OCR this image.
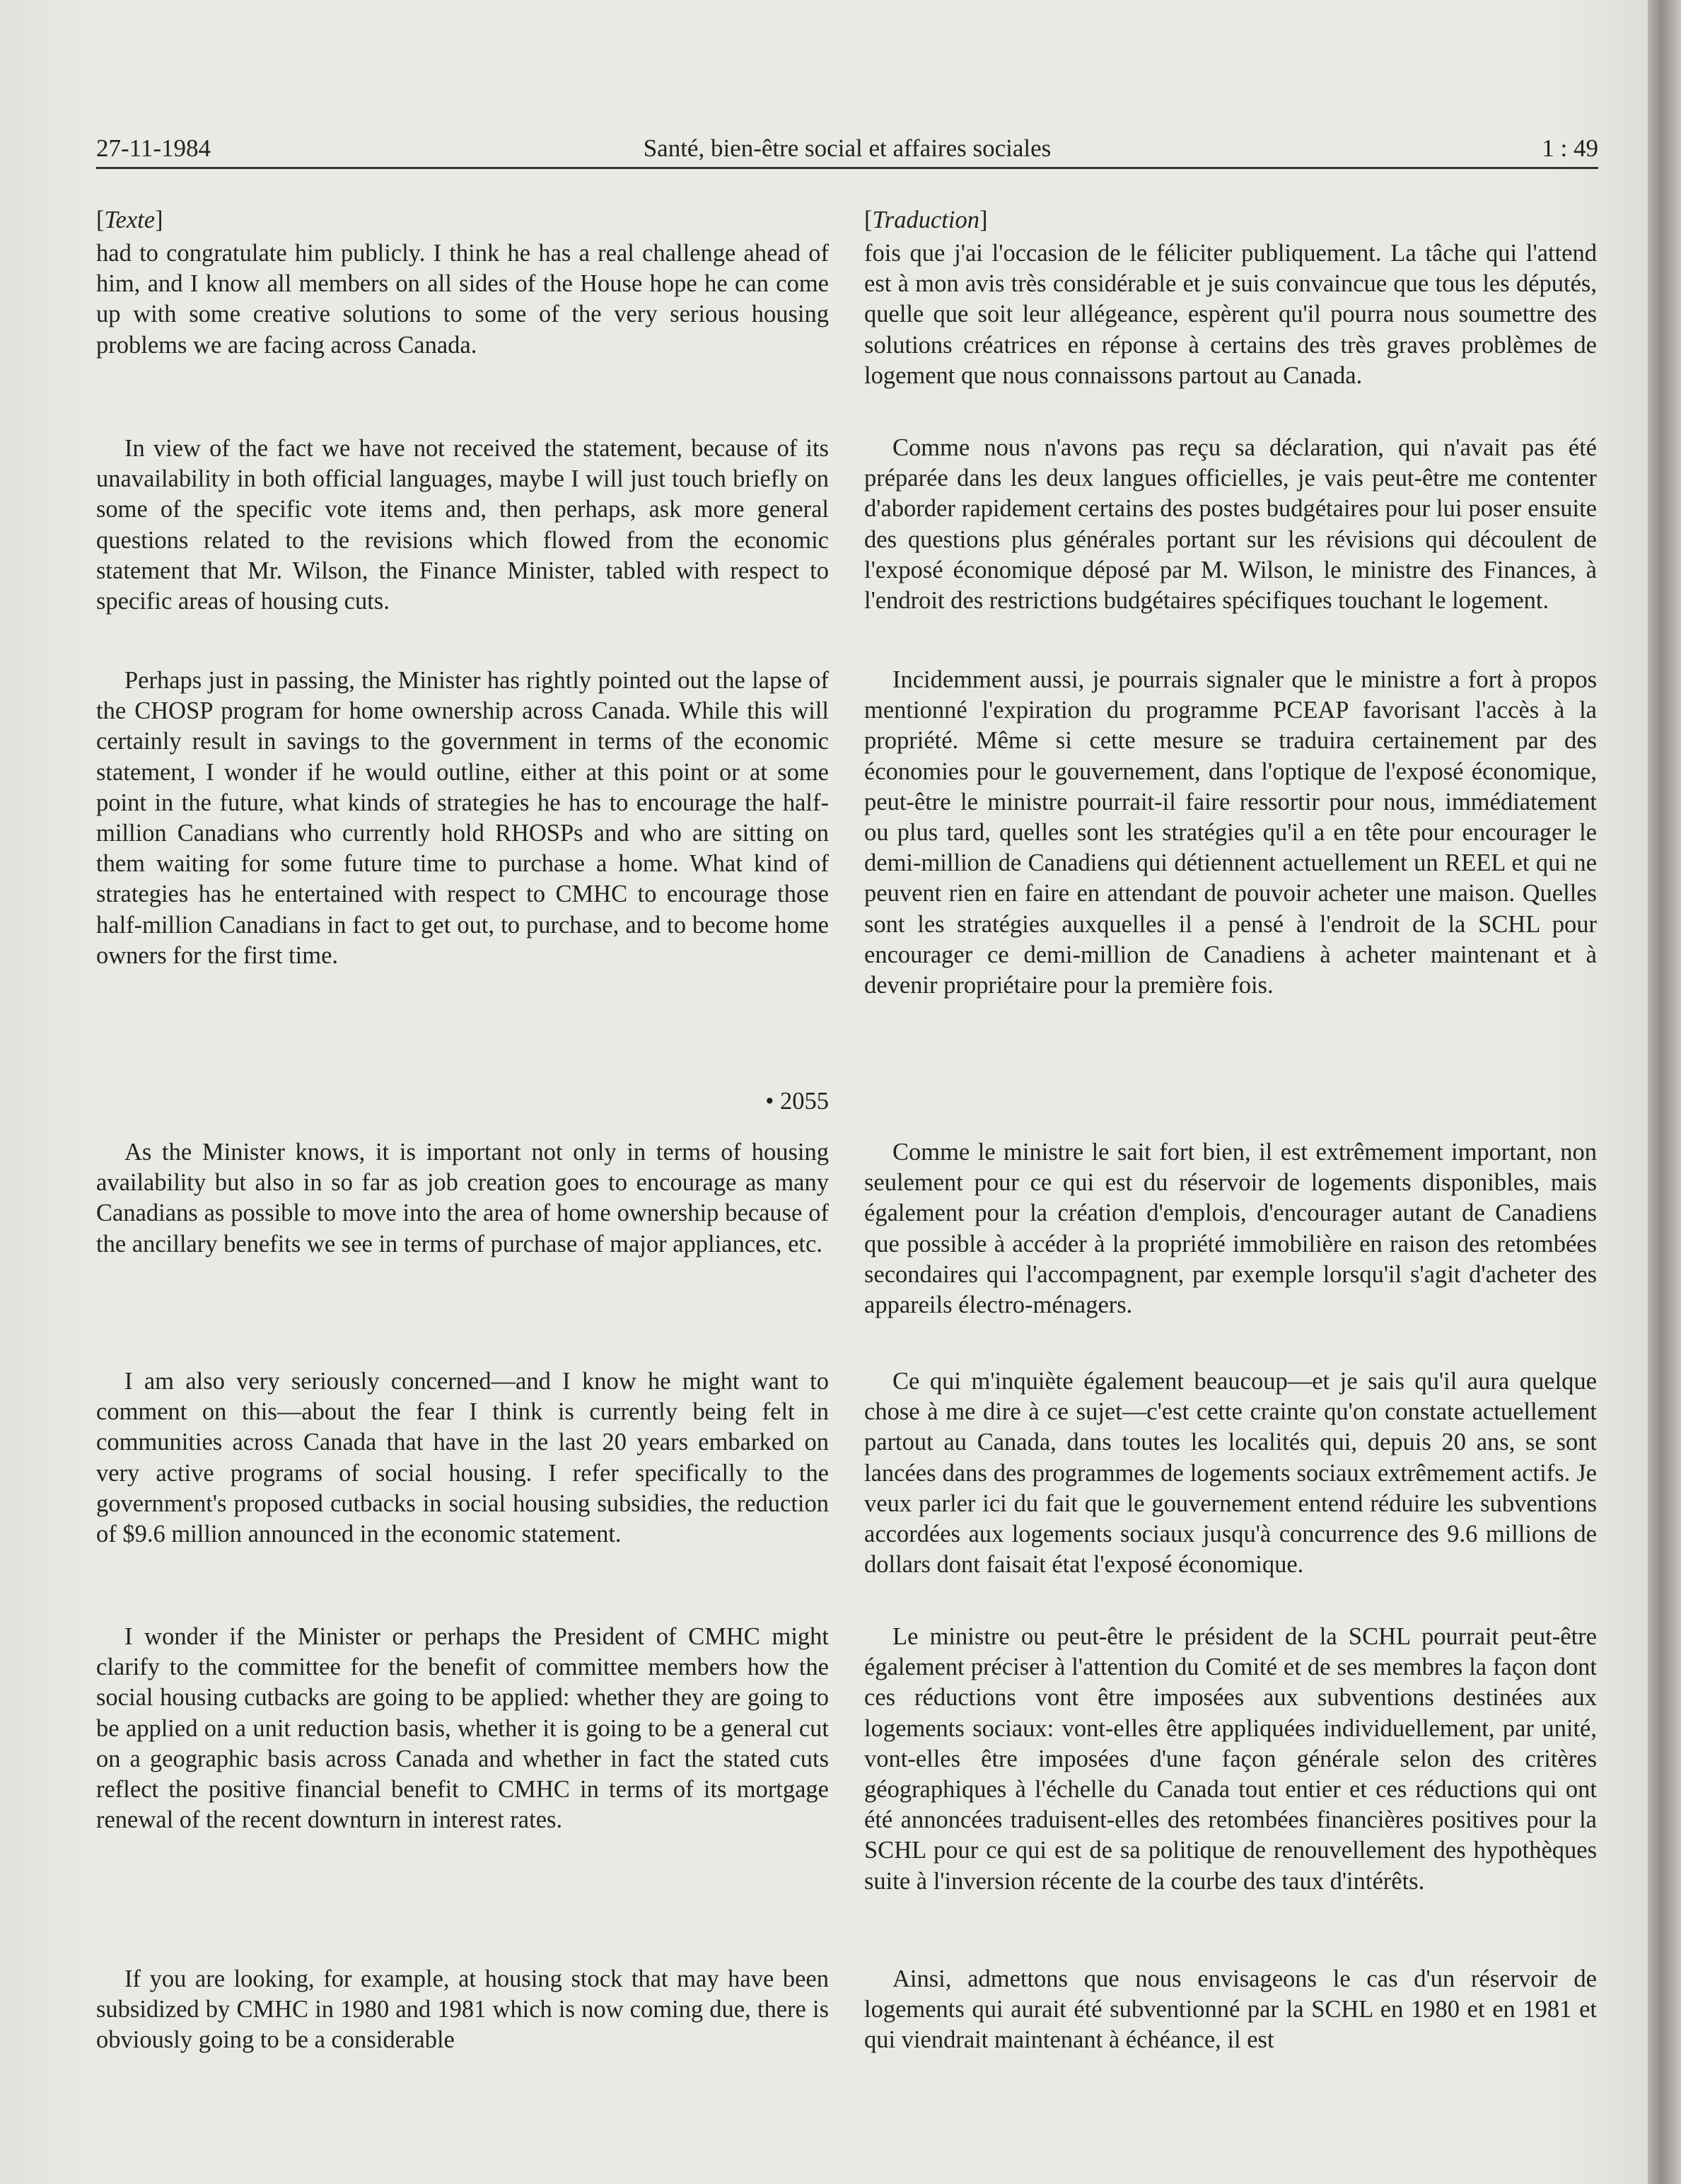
27-11-1984	Santé, bien-être social et affaires sociales	1 : 49
[Texte]

had to congratulate him publicly. I think he has a real challenge ahead of him, and I know all members on all sides of the House hope he can come up with some creative solutions to some of the very serious housing problems we are facing across Canada.

In view of the fact we have not received the statement, because of its unavailability in both official languages, maybe I will just touch briefly on some of the specific vote items and, then perhaps, ask more general questions related to the revisions which flowed from the economic statement that Mr. Wilson, the Finance Minister, tabled with respect to specific areas of housing cuts.

Perhaps just in passing, the Minister has rightly pointed out the lapse of the CHOSP program for home ownership across Canada. While this will certainly result in savings to the government in terms of the economic statement, I wonder if he would outline, either at this point or at some point in the future, what kinds of strategies he has to encourage the half-million Canadians who currently hold RHOSPs and who are sitting on them waiting for some future time to purchase a home. What kind of strategies has he entertained with respect to CMHC to encourage those half-million Canadians in fact to get out, to purchase, and to become home owners for the first time.

• 2055

As the Minister knows, it is important not only in terms of housing availability but also in so far as job creation goes to encourage as many Canadians as possible to move into the area of home ownership because of the ancillary benefits we see in terms of purchase of major appliances, etc.

I am also very seriously concerned—and I know he might want to comment on this—about the fear I think is currently being felt in communities across Canada that have in the last 20 years embarked on very active programs of social housing. I refer specifically to the government's proposed cutbacks in social housing subsidies, the reduction of $9.6 million announced in the economic statement.

I wonder if the Minister or perhaps the President of CMHC might clarify to the committee for the benefit of committee members how the social housing cutbacks are going to be applied: whether they are going to be applied on a unit reduction basis, whether it is going to be a general cut on a geographic basis across Canada and whether in fact the stated cuts reflect the positive financial benefit to CMHC in terms of its mortgage renewal of the recent downturn in interest rates.

If you are looking, for example, at housing stock that may have been subsidized by CMHC in 1980 and 1981 which is now coming due, there is obviously going to be a considerable

[Traduction]

fois que j'ai l'occasion de le féliciter publiquement. La tâche qui l'attend est à mon avis très considérable et je suis convaincue que tous les députés, quelle que soit leur allégeance, espèrent qu'il pourra nous soumettre des solutions créatrices en réponse à certains des très graves problèmes de logement que nous connaissons partout au Canada.

Comme nous n'avons pas reçu sa déclaration, qui n'avait pas été préparée dans les deux langues officielles, je vais peut-être me contenter d'aborder rapidement certains des postes budgétaires pour lui poser ensuite des questions plus générales portant sur les révisions qui découlent de l'exposé économique déposé par M. Wilson, le ministre des Finances, à l'endroit des restrictions budgétaires spécifiques touchant le logement.

Incidemment aussi, je pourrais signaler que le ministre a fort à propos mentionné l'expiration du programme PCEAP favorisant l'accès à la propriété. Même si cette mesure se traduira certainement par des économies pour le gouvernement, dans l'optique de l'exposé économique, peut-être le ministre pourrait-il faire ressortir pour nous, immédiatement ou plus tard, quelles sont les stratégies qu'il a en tête pour encourager le demi-million de Canadiens qui détiennent actuellement un REEL et qui ne peuvent rien en faire en attendant de pouvoir acheter une maison. Quelles sont les stratégies auxquelles il a pensé à l'endroit de la SCHL pour encourager ce demi-million de Canadiens à acheter maintenant et à devenir propriétaire pour la première fois.

Comme le ministre le sait fort bien, il est extrêmement important, non seulement pour ce qui est du réservoir de logements disponibles, mais également pour la création d'emplois, d'encourager autant de Canadiens que possible à accéder à la propriété immobilière en raison des retombées secondaires qui l'accompagnent, par exemple lorsqu'il s'agit d'acheter des appareils électro-ménagers.

Ce qui m'inquiète également beaucoup—et je sais qu'il aura quelque chose à me dire à ce sujet—c'est cette crainte qu'on constate actuellement partout au Canada, dans toutes les localités qui, depuis 20 ans, se sont lancées dans des programmes de logements sociaux extrêmement actifs. Je veux parler ici du fait que le gouvernement entend réduire les subventions accordées aux logements sociaux jusqu'à concurrence des 9.6 millions de dollars dont faisait état l'exposé économique.

Le ministre ou peut-être le président de la SCHL pourrait peut-être également préciser à l'attention du Comité et de ses membres la façon dont ces réductions vont être imposées aux subventions destinées aux logements sociaux: vont-elles être appliquées individuellement, par unité, vont-elles être imposées d'une façon générale selon des critères géographiques à l'échelle du Canada tout entier et ces réductions qui ont été annoncées traduisent-elles des retombées financières positives pour la SCHL pour ce qui est de sa politique de renouvellement des hypothèques suite à l'inversion récente de la courbe des taux d'intérêts.

Ainsi, admettons que nous envisageons le cas d'un réservoir de logements qui aurait été subventionné par la SCHL en 1980 et en 1981 et qui viendrait maintenant à échéance, il est
